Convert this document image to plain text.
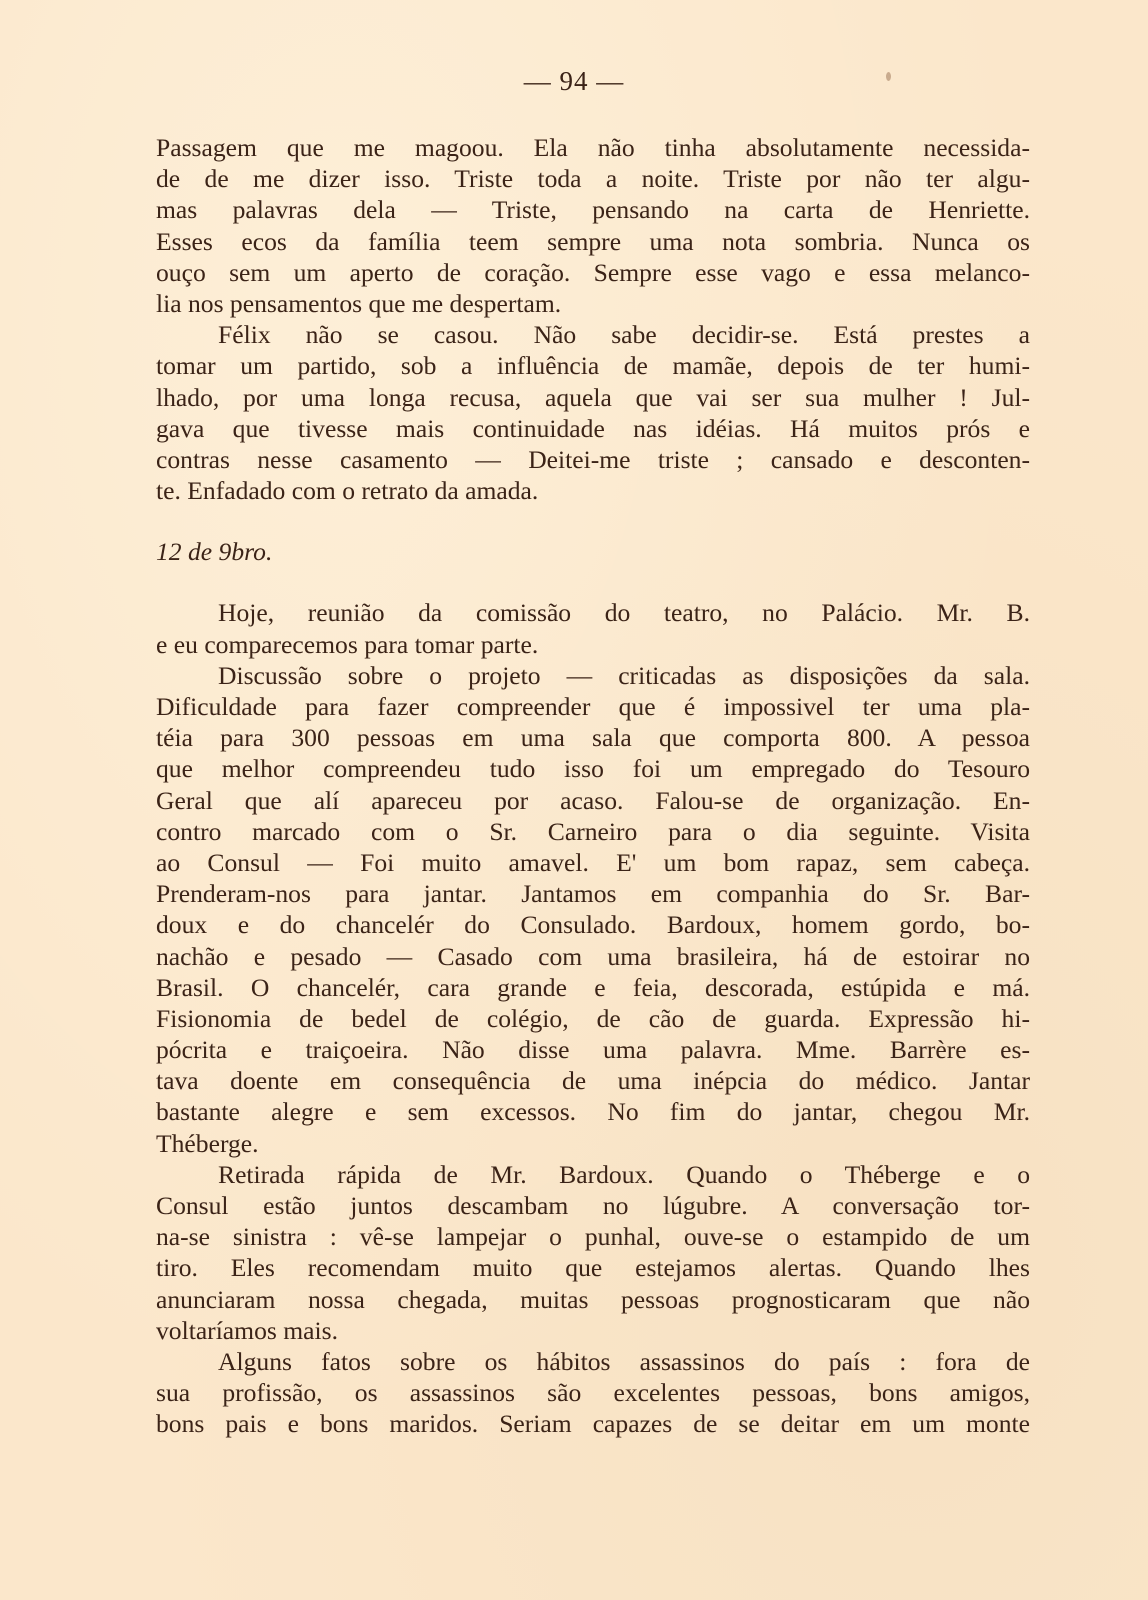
— 94 —
Passagem que me magoou. Ela não tinha absolutamente necessida-
de de me dizer isso. Triste toda a noite. Triste por não ter algu-
mas palavras dela — Triste, pensando na carta de Henriette.
Esses ecos da família teem sempre uma nota sombria. Nunca os
ouço sem um aperto de coração. Sempre esse vago e essa melanco-
lia nos pensamentos que me despertam.
Félix não se casou. Não sabe decidir-se. Está prestes a
tomar um partido, sob a influência de mamãe, depois de ter humi-
lhado, por uma longa recusa, aquela que vai ser sua mulher ! Jul-
gava que tivesse mais continuidade nas idéias. Há muitos prós e
contras nesse casamento — Deitei-me triste ; cansado e desconten-
te. Enfadado com o retrato da amada.
12 de 9bro.
Hoje, reunião da comissão do teatro, no Palácio. Mr. B.
e eu comparecemos para tomar parte.
Discussão sobre o projeto — criticadas as disposições da sala.
Dificuldade para fazer compreender que é impossivel ter uma pla-
téia para 300 pessoas em uma sala que comporta 800. A pessoa
que melhor compreendeu tudo isso foi um empregado do Tesouro
Geral que alí apareceu por acaso. Falou-se de organização. En-
contro marcado com o Sr. Carneiro para o dia seguinte. Visita
ao Consul — Foi muito amavel. E' um bom rapaz, sem cabeça.
Prenderam-nos para jantar. Jantamos em companhia do Sr. Bar-
doux e do chancelér do Consulado. Bardoux, homem gordo, bo-
nachão e pesado — Casado com uma brasileira, há de estoirar no
Brasil. O chancelér, cara grande e feia, descorada, estúpida e má.
Fisionomia de bedel de colégio, de cão de guarda. Expressão hi-
pócrita e traiçoeira. Não disse uma palavra. Mme. Barrère es-
tava doente em consequência de uma inépcia do médico. Jantar
bastante alegre e sem excessos. No fim do jantar, chegou Mr.
Théberge.
Retirada rápida de Mr. Bardoux. Quando o Théberge e o
Consul estão juntos descambam no lúgubre. A conversação tor-
na-se sinistra : vê-se lampejar o punhal, ouve-se o estampido de um
tiro. Eles recomendam muito que estejamos alertas. Quando lhes
anunciaram nossa chegada, muitas pessoas prognosticaram que não
voltaríamos mais.
Alguns fatos sobre os hábitos assassinos do país : fora de
sua profissão, os assassinos são excelentes pessoas, bons amigos,
bons pais e bons maridos. Seriam capazes de se deitar em um monte
